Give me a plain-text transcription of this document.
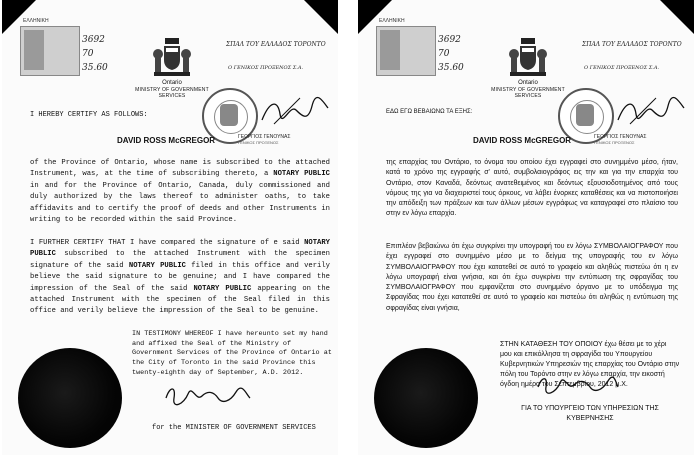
ΕΛΛΗΝΙΚΗ
3692
70
35.60
ΣΠΑΛ ΤΟΥ ΕΛΛΑΔΟΣ ΤΟΡΟΝΤΟ
Ο ΓΕΝΙΚΟΣ ΠΡΟΞΕΝΟΣ Σ.Α.
Ontario
MINISTRY OF GOVERNMENT SERVICES
ΓΕΩΡΓΙΟΣ ΓΕΝΟΥΝΑΣ
ΓΕΝΙΚΟΣ ΠΡΟΞΕΝΟΣ
I HEREBY CERTIFY AS FOLLOWS:
DAVID ROSS McGREGOR

of the Province of Ontario, whose name is subscribed to the attached Instrument, was, at the time of subscribing thereto, a NOTARY PUBLIC in and for the Province of Ontario, Canada, duly commissioned and duly authorized by the laws thereof to administer oaths, to take affidavits and to certify the proof of deeds and other Instruments in writing to be recorded within the said Province.

I FURTHER CERTIFY THAT I have compared the signature of e said NOTARY PUBLIC subscribed to the attached Instrument with the specimen signature of the said NOTARY PUBLIC filed in this office and verily believe the said signature to be genuine; and I have compared the impression of the Seal of the said NOTARY PUBLIC appearing on the attached Instrument with the specimen of the Seal filed in this office and verily believe the impression of the Seal to be genuine.

IN TESTIMONY WHEREOF I have hereunto set my hand and affixed the Seal of the Ministry of Government Services of the Province of Ontario at the City of Toronto in the said Province this twenty-eighth day of September, A.D. 2012.

for the MINISTER OF GOVERNMENT SERVICES
ΕΛΛΗΝΙΚΗ
3692
70
35.60
ΣΠΑΛ ΤΟΥ ΕΛΛΑΔΟΣ ΤΟΡΟΝΤΟ
Ο ΓΕΝΙΚΟΣ ΠΡΟΞΕΝΟΣ Σ.Α.
Ontario
MINISTRY OF GOVERNMENT SERVICES
ΓΕΩΡΓΙΟΣ ΓΕΝΟΥΝΑΣ
ΓΕΝΙΚΟΣ ΠΡΟΞΕΝΟΣ
ΕΔΩ ΕΓΩ ΒΕΒΑΙΩΝΩ ΤΑ ΕΞΗΣ:
DAVID ROSS McGREGOR

της επαρχίας του Οντάριο, το όνομα του οποίου έχει εγγραφεί στο συνημμένο μέσο, ήταν, κατά το χρόνο της εγγραφής σ' αυτό, συμβολαιογράφος εις την και για την επαρχία του Οντάριο, στον Καναδά, δεόντως ανατεθειμένος και δεόντως εξουσιοδοτημένος από τους νόμους της για να διαχειριστεί τους όρκους, να λάβει ένορκες καταθέσεις και να πιστοποιήσει την απόδειξη των πράξεων και των άλλων μέσων εγγράφως να καταγραφεί στο πλαίσιο του στην εν λόγω επαρχία.

Επιπλέον βεβαιώνω ότι έχω συγκρίνει την υπογραφή του εν λόγω ΣΥΜΒΟΛΑΙΟΓΡΑΦΟΥ που έχει εγγραφεί στο συνημμένο μέσο με το δείγμα της υπογραφής του εν λόγω ΣΥΜΒΟΛΑΙΟΓΡΑΦΟΥ που έχει κατατεθεί σε αυτό το γραφείο και αληθώς πιστεύω ότι η εν λόγω υπογραφή είναι γνήσια, και ότι έχω συγκρίνει την εντύπωση της σφραγίδας του ΣΥΜΒΟΛΑΙΟΓΡΑΦΟΥ που εμφανίζεται στο συνημμένο όργανο με το υπόδειγμα της Σφραγίδας που έχει κατατεθεί σε αυτό το γραφείο και πιστεύω ότι αληθώς η εντύπωση της σφραγίδας είναι γνήσια,

ΣΤΗΝ ΚΑΤΑΘΕΣΗ ΤΟΥ ΟΠΟΙΟΥ έχω θέσει με το χέρι μου και επικόλλησα τη σφραγίδα του Υπουργείου Κυβερνητικών Υπηρεσιών της επαρχίας του Οντάριο στην πόλη του Τορόντο στην εν λόγω επαρχία, την εικοστή όγδοη ημέρα του Σεπτεμβρίου, 2012 μ.Χ.

ΓΙΑ ΤΟ ΥΠΟΥΡΓΕΙΟ ΤΩΝ ΥΠΗΡΕΣΙΩΝ ΤΗΣ ΚΥΒΕΡΝΗΣΗΣ
